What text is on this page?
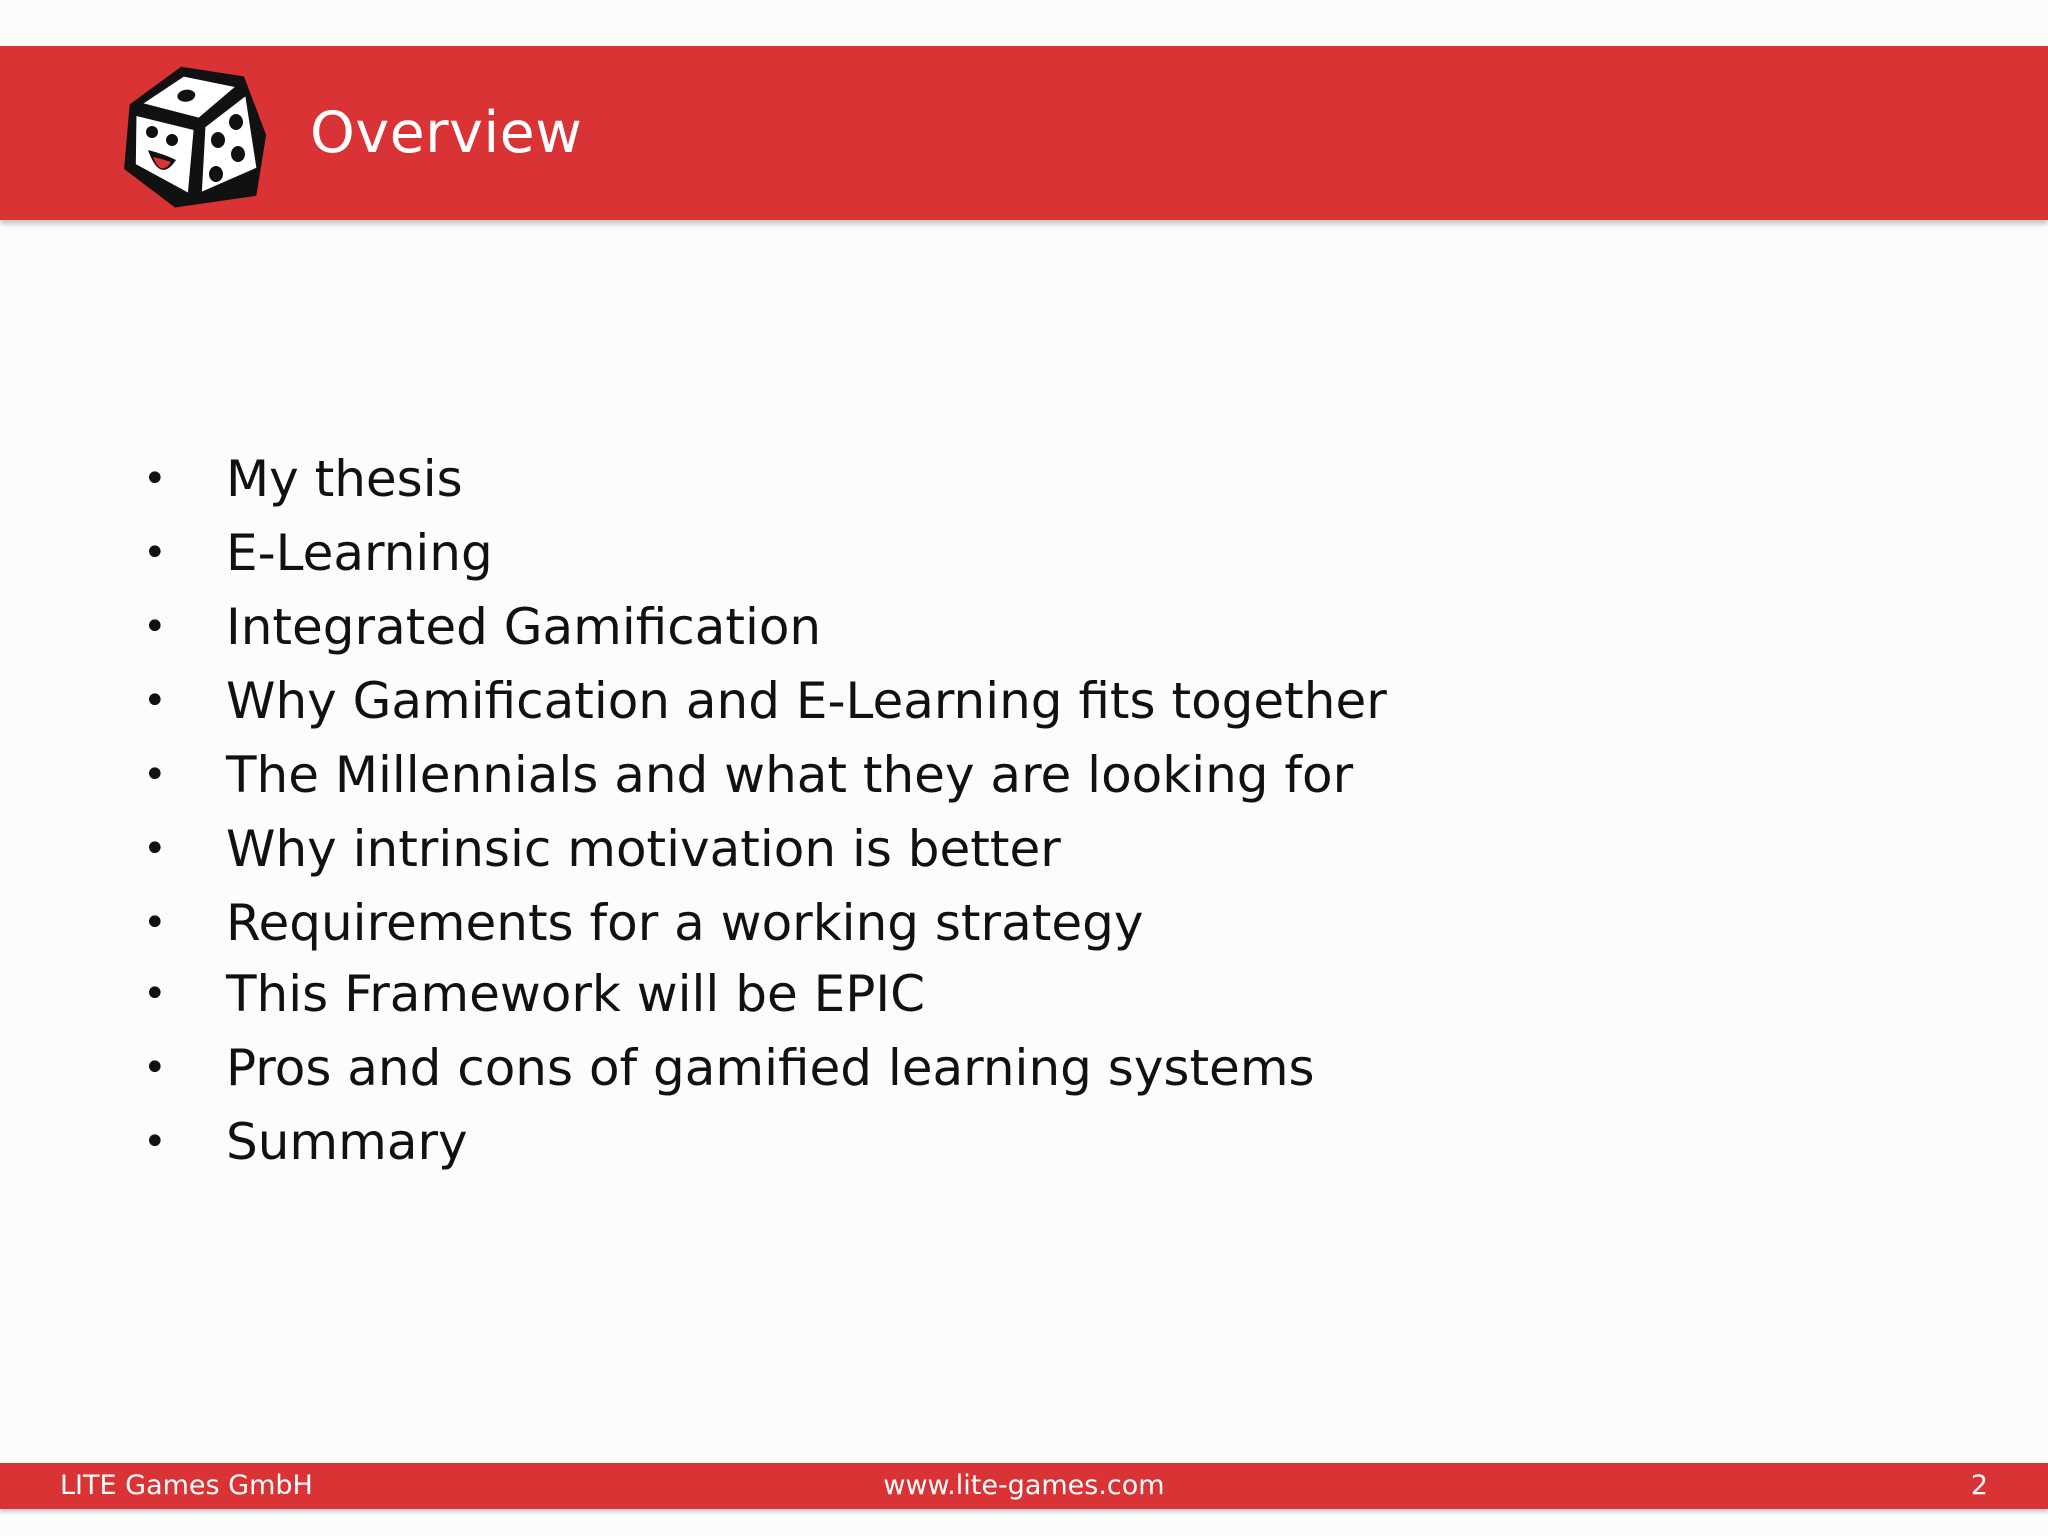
Overview
• My thesis
• E-Learning
• Integrated Gamification
• Why Gamification and E-Learning fits together
• The Millennials and what they are looking for
• Why intrinsic motivation is better
• Requirements for a working strategy
• This Framework will be EPIC
• Pros and cons of gamified learning systems
• Summary
LITE Games GmbH	www.lite-games.com	2
